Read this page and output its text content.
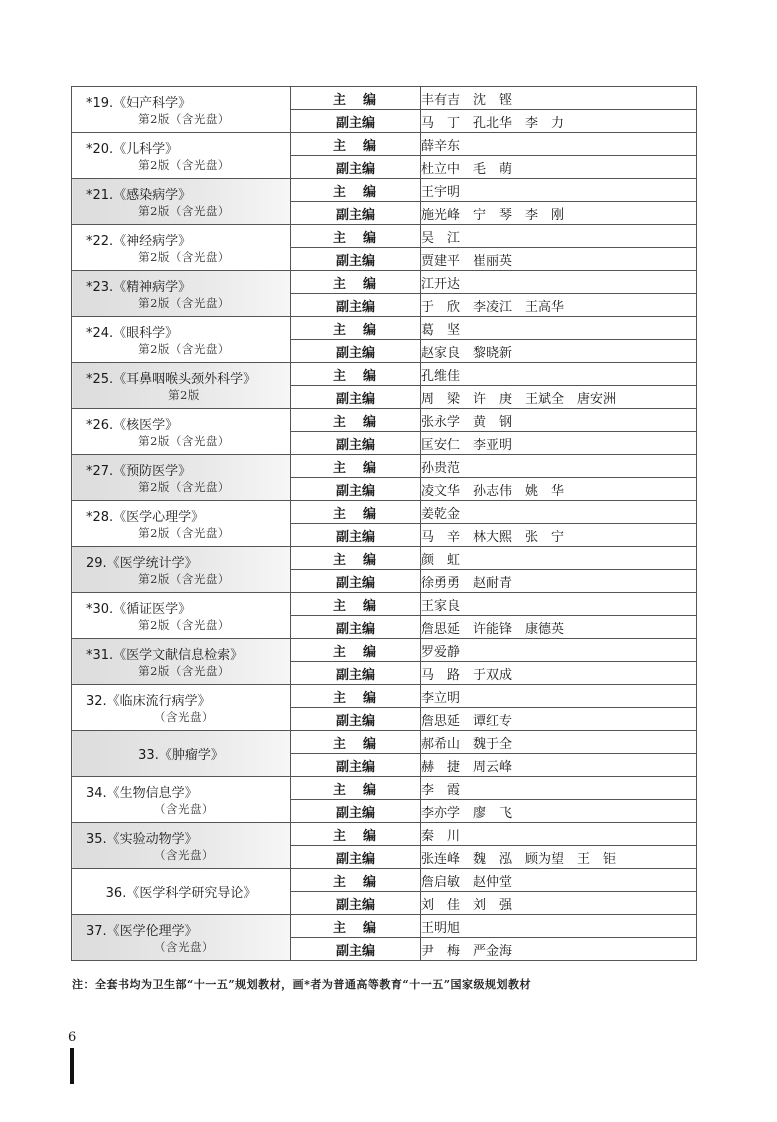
*19.《妇产科学》
第2版（含光盘）	主　编	丰有吉　沈　铿
	副主编	马　丁　孔北华　李　力

*20.《儿科学》
第2版（含光盘）	主　编	薛辛东
	副主编	杜立中　毛　萌

*21.《感染病学》
第2版（含光盘）	主　编	王宇明
	副主编	施光峰　宁　琴　李　刚

*22.《神经病学》
第2版（含光盘）	主　编	吴　江
	副主编	贾建平　崔丽英

*23.《精神病学》
第2版（含光盘）	主　编	江开达
	副主编	于　欣　李凌江　王高华

*24.《眼科学》
第2版（含光盘）	主　编	葛　坚
	副主编	赵家良　黎晓新

*25.《耳鼻咽喉头颈外科学》
第2版	主　编	孔维佳
	副主编	周　梁　许　庚　王斌全　唐安洲

*26.《核医学》
第2版（含光盘）	主　编	张永学　黄　钢
	副主编	匡安仁　李亚明

*27.《预防医学》
第2版（含光盘）	主　编	孙贵范
	副主编	凌文华　孙志伟　姚　华

*28.《医学心理学》
第2版（含光盘）	主　编	姜乾金
	副主编	马　辛　林大熙　张　宁

29.《医学统计学》
第2版（含光盘）	主　编	颜　虹
	副主编	徐勇勇　赵耐青

*30.《循证医学》
第2版（含光盘）	主　编	王家良
	副主编	詹思延　许能锋　康德英

*31.《医学文献信息检索》
第2版（含光盘）	主　编	罗爱静
	副主编	马　路　于双成

32.《临床流行病学》
（含光盘）	主　编	李立明
	副主编	詹思延　谭红专

33.《肿瘤学》	主　编	郝希山　魏于全
	副主编	赫　捷　周云峰

34.《生物信息学》
（含光盘）	主　编	李　霞
	副主编	李亦学　廖　飞

35.《实验动物学》
（含光盘）	主　编	秦　川
	副主编	张连峰　魏　泓　顾为望　王　钜

36.《医学科学研究导论》	主　编	詹启敏　赵仲堂
	副主编	刘　佳　刘　强

37.《医学伦理学》
（含光盘）	主　编	王明旭
	副主编	尹　梅　严金海
注：全套书均为卫生部“十一五”规划教材，画*者为普通高等教育“十一五”国家级规划教材
6
